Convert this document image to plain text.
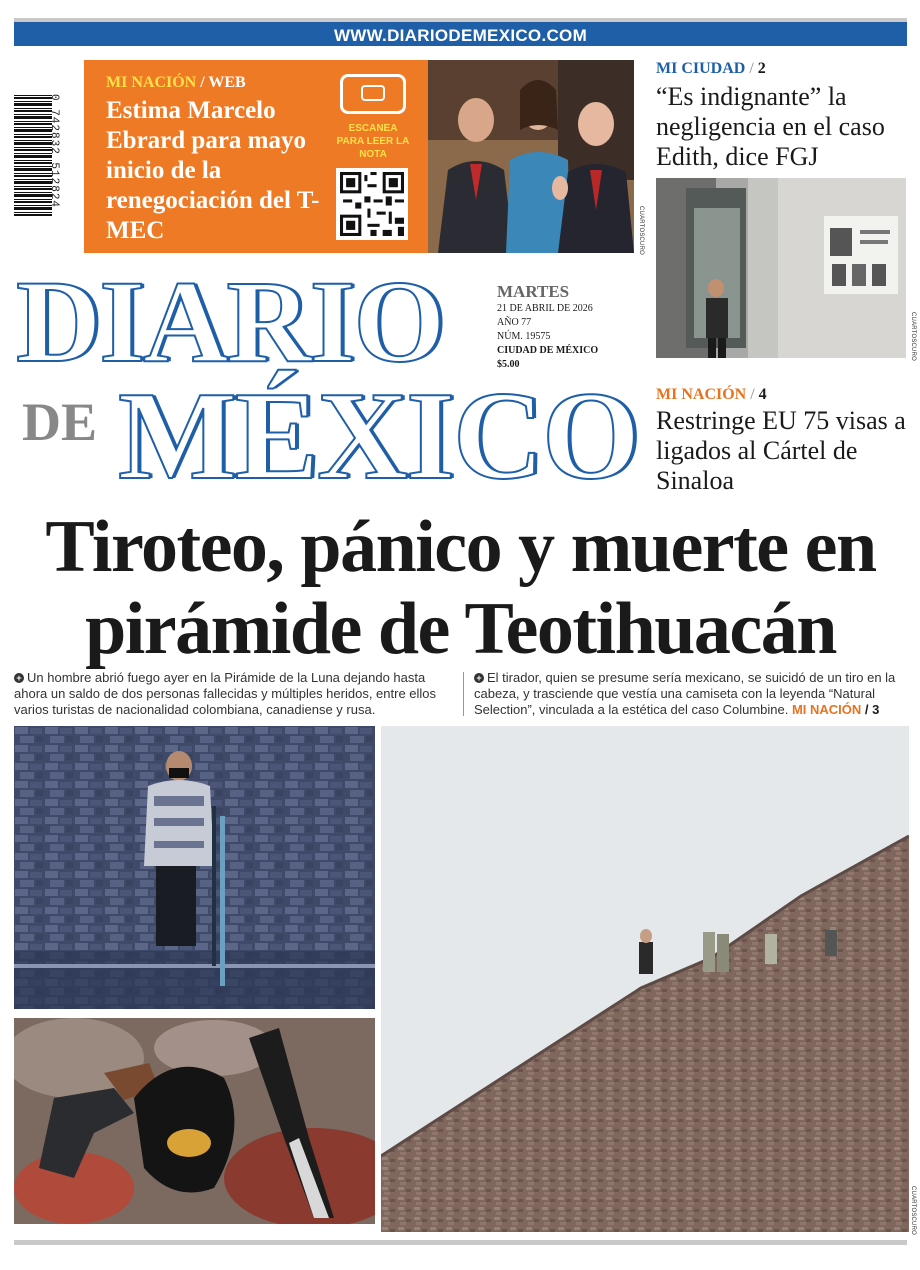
WWW.DIARIODEMEXICO.COM
0 742832 512824
MI NACIÓN / WEB
Estima Marcelo Ebrard para mayo inicio de la renegociación del T-MEC
ESCANEA PARA LEER LA NOTA
CUARTOSCURO
MI CIUDAD / 2
“Es indignante” la negligencia en el caso Edith, dice FGJ
CUARTOSCURO
MI NACIÓN / 4
Restringe EU 75 visas a ligados al Cártel de Sinaloa
DIARIO
DE MÉXICO
MARTES
21 DE ABRIL DE 2026
AÑO 77
NÚM. 19575
CIUDAD DE MÉXICO
$5.00
Tiroteo, pánico y muerte en
pirámide de Teotihuacán
+ Un hombre abrió fuego ayer en la Pirámide de la Luna dejando hasta ahora un saldo de dos personas fallecidas y múltiples heridos, entre ellos varios turistas de nacionalidad colombiana, canadiense y rusa.
+ El tirador, quien se presume sería mexicano, se suicidó de un tiro en la cabeza, y trasciende que vestía una camiseta con la leyenda “Natural Selection”, vinculada a la estética del caso Columbine. MI NACIÓN / 3
CUARTOSCURO
